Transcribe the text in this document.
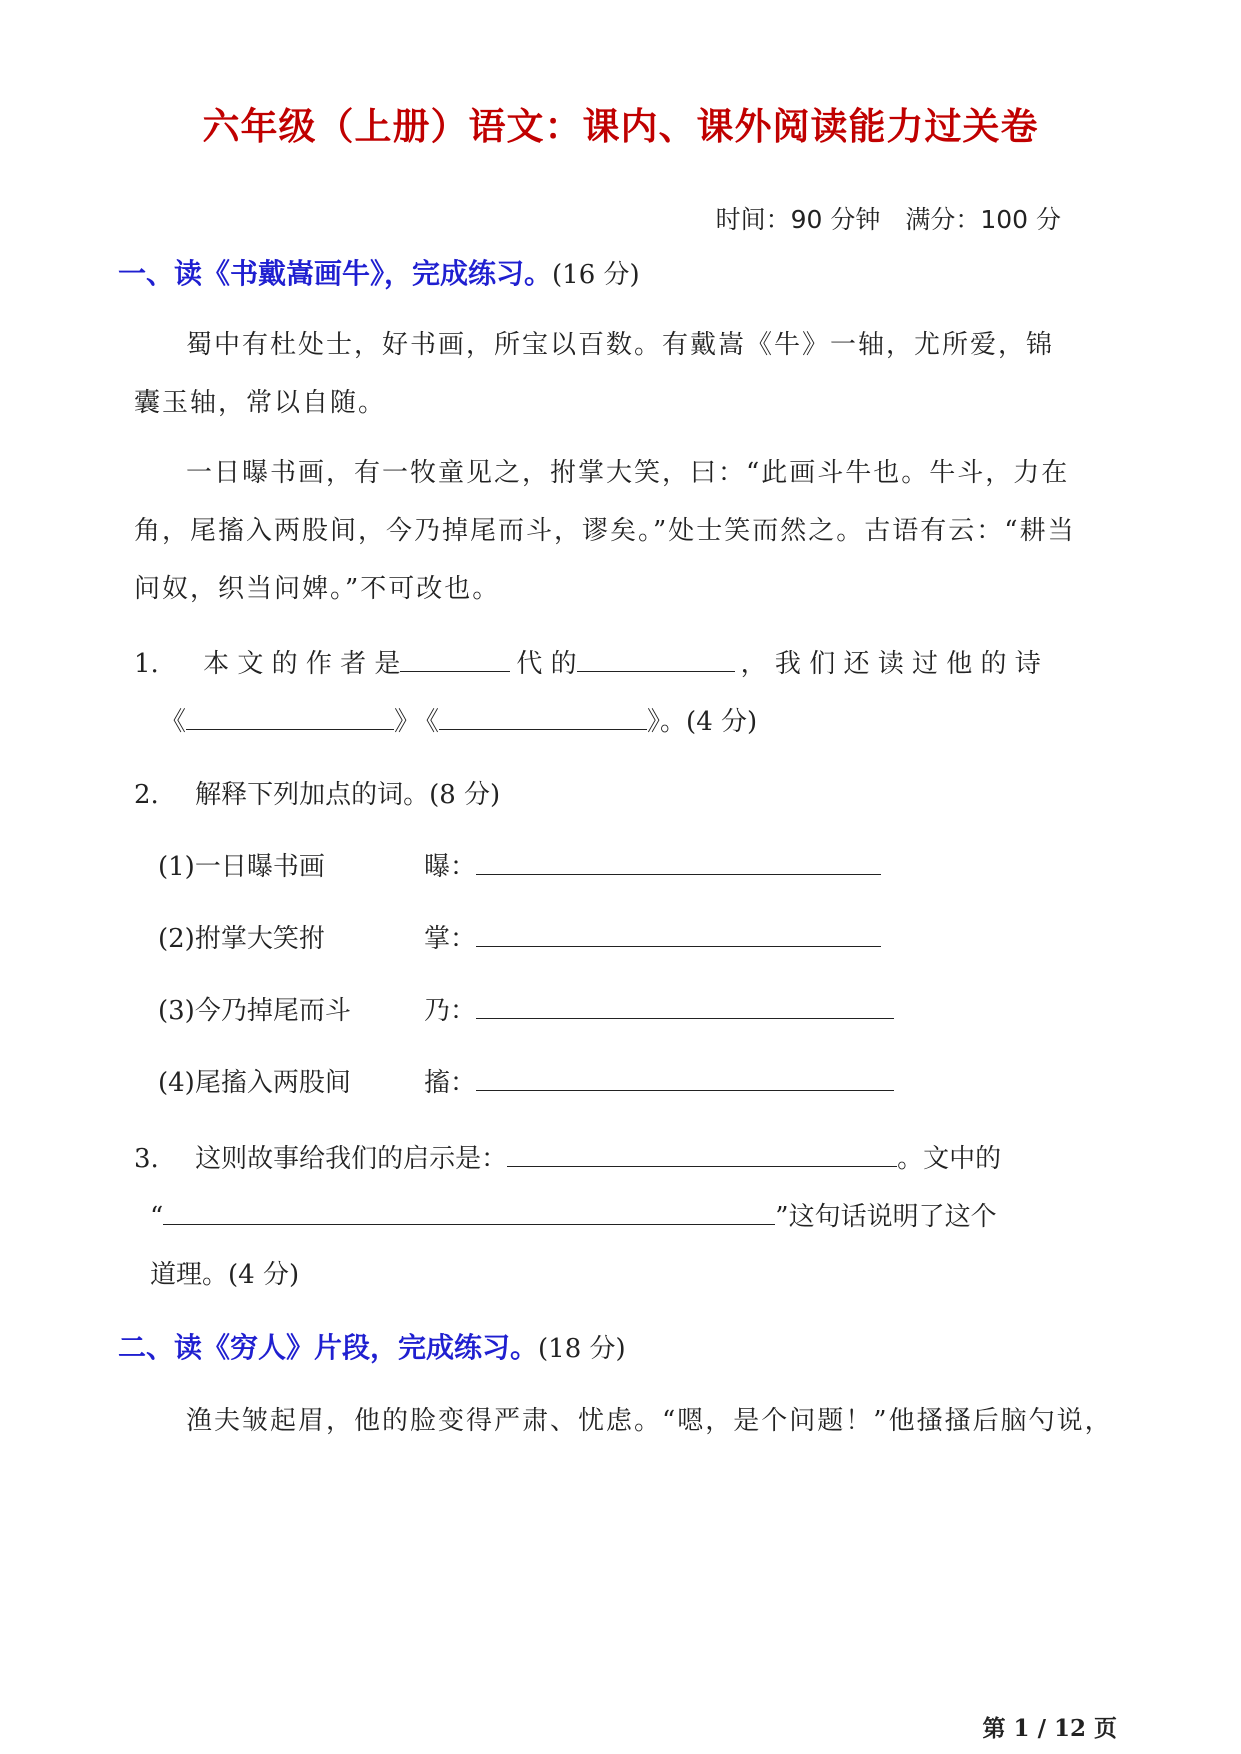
六年级（上册）语文：课内、课外阅读能力过关卷
时间：90 分钟　满分：100 分
一、读《书戴嵩画牛》，完成练习。(16 分)
蜀中有杜处士，好书画，所宝以百数。有戴嵩《牛》一轴，尤所爱，锦
囊玉轴，常以自随。
一日曝书画，有一牧童见之，拊掌大笑，曰：“此画斗牛也。牛斗，力在
角，尾搐入两股间，今乃掉尾而斗，谬矣。”处士笑而然之。古语有云：“耕当
问奴，织当问婢。”不可改也。
1. 本 文 的 作 者 是	代 的	， 我 们 还 读 过 他 的 诗
《	》 《	》。(4 分)
2. 解释下列加点的词。(8 分)
(1)一日曝书画	曝：
(2)拊掌大笑拊	掌：
(3)今乃掉尾而斗	乃：
(4)尾搐入两股间	搐：
3. 这则故事给我们的启示是：	。文中的
“	”这句话说明了这个
道理。(4 分)
二、读《穷人》片段，完成练习。(18 分)
渔夫皱起眉，他的脸变得严肃、忧虑。“嗯，是个问题！”他搔搔后脑勺说，
第 1 / 12 页
